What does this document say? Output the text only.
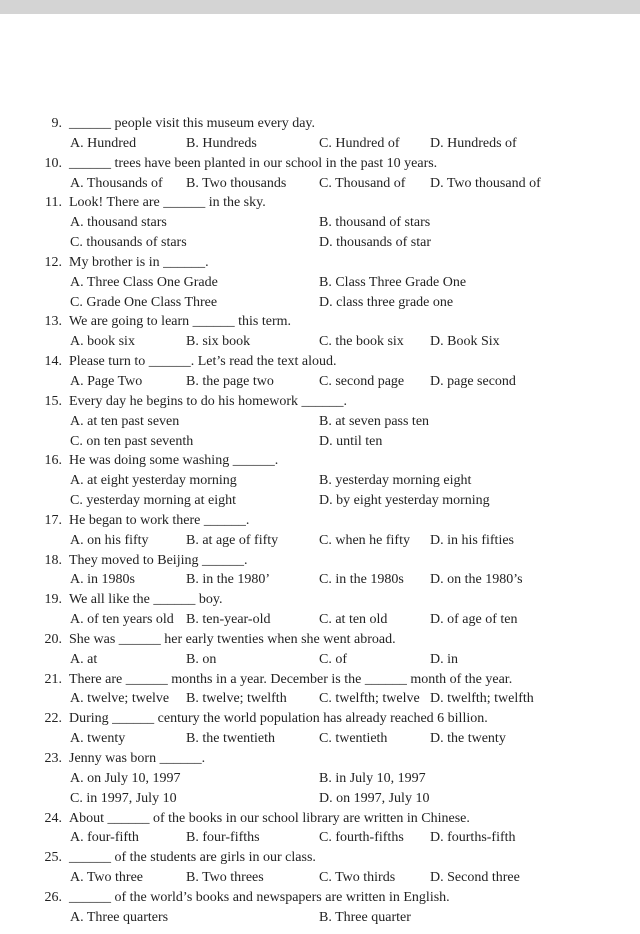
9. ______ people visit this museum every day.
A. Hundred	B. Hundreds	C. Hundred of D. Hundreds of
10. ______ trees have been planted in our school in the past 10 years.
A. Thousands of B. Two thousands C. Thousand of D. Two thousand of
11. Look! There are ______ in the sky.
A. thousand stars	B. thousand of stars
C. thousands of stars	D. thousands of star
12. My brother is in ______.
A. Three Class One Grade	B. Class Three Grade One
C. Grade One Class Three	D. class three grade one
13. We are going to learn ______ this term.
A. book six	B. six book	C. the book six D. Book Six
14. Please turn to ______. Let’s read the text aloud.
A. Page Two	B. the page two	C. second page D. page second
15. Every day he begins to do his homework ______.
A. at ten past seven	B. at seven pass ten
C. on ten past seventh	D. until ten
16. He was doing some washing ______.
A. at eight yesterday morning	B. yesterday morning eight
C. yesterday morning at eight	D. by eight yesterday morning
17. He began to work there ______.
A. on his fifty	B. at age of fifty	C. when he fifty D. in his fifties
18. They moved to Beijing ______.
A. in 1980s	B. in the 1980’	C. in the 1980s D. on the 1980’s
19. We all like the ______ boy.
A. of ten years old B. ten-year-old	C. at ten old	D. of age of ten
20. She was ______ her early twenties when she went abroad.
A. at	B. on	C. of	D. in
21. There are ______ months in a year. December is the ______ month of the year.
A. twelve; twelve B. twelve; twelfth C. twelfth; twelve D. twelfth; twelfth
22. During ______ century the world population has already reached 6 billion.
A. twenty	B. the twentieth	C. twentieth	D. the twenty
23. Jenny was born ______.
A. on July 10, 1997	B. in July 10, 1997
C. in 1997, July 10	D. on 1997, July 10
24. About ______ of the books in our school library are written in Chinese.
A. four-fifth	B. four-fifths	C. fourth-fifths D. fourths-fifth
25. ______ of the students are girls in our class.
A. Two three	B. Two threes	C. Two thirds D. Second three
26. ______ of the world’s books and newspapers are written in English.
A. Three quarters	B. Three quarter
